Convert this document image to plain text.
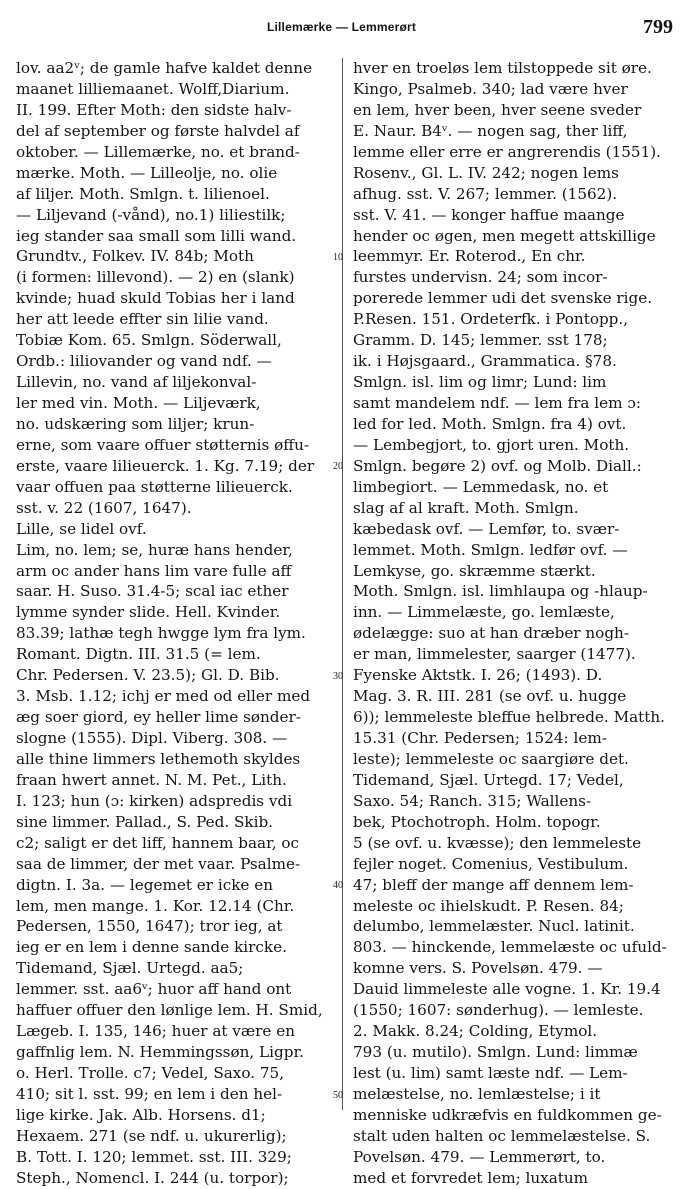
Lillemærke — Lemmerørt	799
lov. aa2ᵛ; de gamle hafve kaldet denne
maanet lilliemaanet. Wolff,Diarium.
II. 199. Efter Moth: den sidste halv-
del af september og første halvdel af
oktober. — Lillemærke, no. et brand-
mærke. Moth. — Lilleolje, no. olie
af liljer. Moth. Smlgn. t. lilienoel.
— Liljevand (-vånd), no.1) liliestilk;
ieg stander saa small som lilli wand.
Grundtv., Folkev. IV. 84b; Moth
(i formen: lillevond). — 2) en (slank)
kvinde; huad skuld Tobias her i land
her att leede effter sin lilie vand.
Tobiæ Kom. 65. Smlgn. Söderwall,
Ordb.: liliovander og vand ndf. —
Lillevin, no. vand af liljekonval-
ler med vin. Moth. — Liljeværk,
no. udskæring som liljer; krun-
erne, som vaare offuer støtternis øffu-
erste, vaare lilieuerck. 1. Kg. 7.19; der
vaar offuen paa støtterne lilieuerck.
sst. v. 22 (1607, 1647).
Lille, se lidel ovf.
Lim, no. lem; se, huræ hans hender,
arm oc ander hans lim vare fulle aff
saar. H. Suso. 31.4-5; scal iac ether
lymme synder slide. Hell. Kvinder.
83.39; lathæ tegh hwgge lym fra lym.
Romant. Digtn. III. 31.5 (= lem.
Chr. Pedersen. V. 23.5); Gl. D. Bib.
3. Msb. 1.12; ichj er med od eller med
æg soer giord, ey heller lime sønder-
slogne (1555). Dipl. Viberg. 308. —
alle thine limmers lethemoth skyldes
fraan hwert annet. N. M. Pet., Lith.
I. 123; hun (ɔ: kirken) adspredis vdi
sine limmer. Pallad., S. Ped. Skib.
c2; saligt er det liff, hannem baar, oc
saa de limmer, der met vaar. Psalme-
digtn. I. 3a. — legemet er icke en
lem, men mange. 1. Kor. 12.14 (Chr.
Pedersen, 1550, 1647); tror ieg, at
ieg er en lem i denne sande kircke.
Tidemand, Sjæl. Urtegd. aa5;
lemmer. sst. aa6ᵛ; huor aff hand ont
haffuer offuer den lønlige lem. H. Smid,
Lægeb. I. 135, 146; huer at være en
gaffnlig lem. N. Hemmingssøn, Ligpr.
o. Herl. Trolle. c7; Vedel, Saxo. 75,
410; sit l. sst. 99; en lem i den hel-
lige kirke. Jak. Alb. Horsens. d1;
Hexaem. 271 (se ndf. u. ukurerlig);
B. Tott. I. 120; lemmet. sst. III. 329;
Steph., Nomencl. I. 244 (u. torpor);
10
20
30
40
50
hver en troeløs lem tilstoppede sit øre.
Kingo, Psalmeb. 340; lad være hver
en lem, hver been, hver seene sveder
E. Naur. B4ᵛ. — nogen sag, ther liff,
lemme eller erre er angrerendis (1551).
Rosenv., Gl. L. IV. 242; nogen lems
afhug. sst. V. 267; lemmer. (1562).
sst. V. 41. — konger haffue maange
hender oc øgen, men megett attskillige
leemmyr. Er. Roterod., En chr.
furstes undervisn. 24; som incor-
porerede lemmer udi det svenske rige.
P.Resen. 151. Ordeterfk. i Pontopp.,
Gramm. D. 145; lemmer. sst 178;
ik. i Højsgaard., Grammatica. §78.
Smlgn. isl. lim og limr; Lund: lim
samt mandelem ndf. — lem fra lem ɔ:
led for led. Moth. Smlgn. fra 4) ovt.
— Lembegjort, to. gjort uren. Moth.
Smlgn. begøre 2) ovf. og Molb. Diall.:
limbegiort. — Lemmedask, no. et
slag af al kraft. Moth. Smlgn.
kæbedask ovf. — Lemfør, to. svær-
lemmet. Moth. Smlgn. ledfør ovf. —
Lemkyse, go. skræmme stærkt.
Moth. Smlgn. isl. limhlaupa og -hlaup-
inn. — Limmelæste, go. lemlæste,
ødelægge: suo at han dræber nogh-
er man, limmelester, saarger (1477).
Fyenske Aktstk. I. 26; (1493). D.
Mag. 3. R. III. 281 (se ovf. u. hugge
6)); lemmeleste bleffue helbrede. Matth.
15.31 (Chr. Pedersen; 1524: lem-
leste); lemmeleste oc saargiøre det.
Tidemand, Sjæl. Urtegd. 17; Vedel,
Saxo. 54; Ranch. 315; Wallens-
bek, Ptochotroph. Holm. topogr.
5 (se ovf. u. kvæsse); den lemmeleste
fejler noget. Comenius, Vestibulum.
47; bleff der mange aff dennem lem-
meleste oc ihielskudt. P. Resen. 84;
delumbo, lemmelæster. Nucl. latinit.
803. — hinckende, lemmelæste oc ufuld-
komne vers. S. Povelsøn. 479. —
Dauid limmeleste alle vogne. 1. Kr. 19.4
(1550; 1607: sønderhug). — lemleste.
2. Makk. 8.24; Colding, Etymol.
793 (u. mutilo). Smlgn. Lund: limmæ
lest (u. lim) samt læste ndf. — Lem-
melæstelse, no. lemlæstelse; i it
menniske udkræfvis en fuldkommen ge-
stalt uden halten oc lemmelæstelse. S.
Povelsøn. 479. — Lemmerørt, to.
med et forvredet lem; luxatum
